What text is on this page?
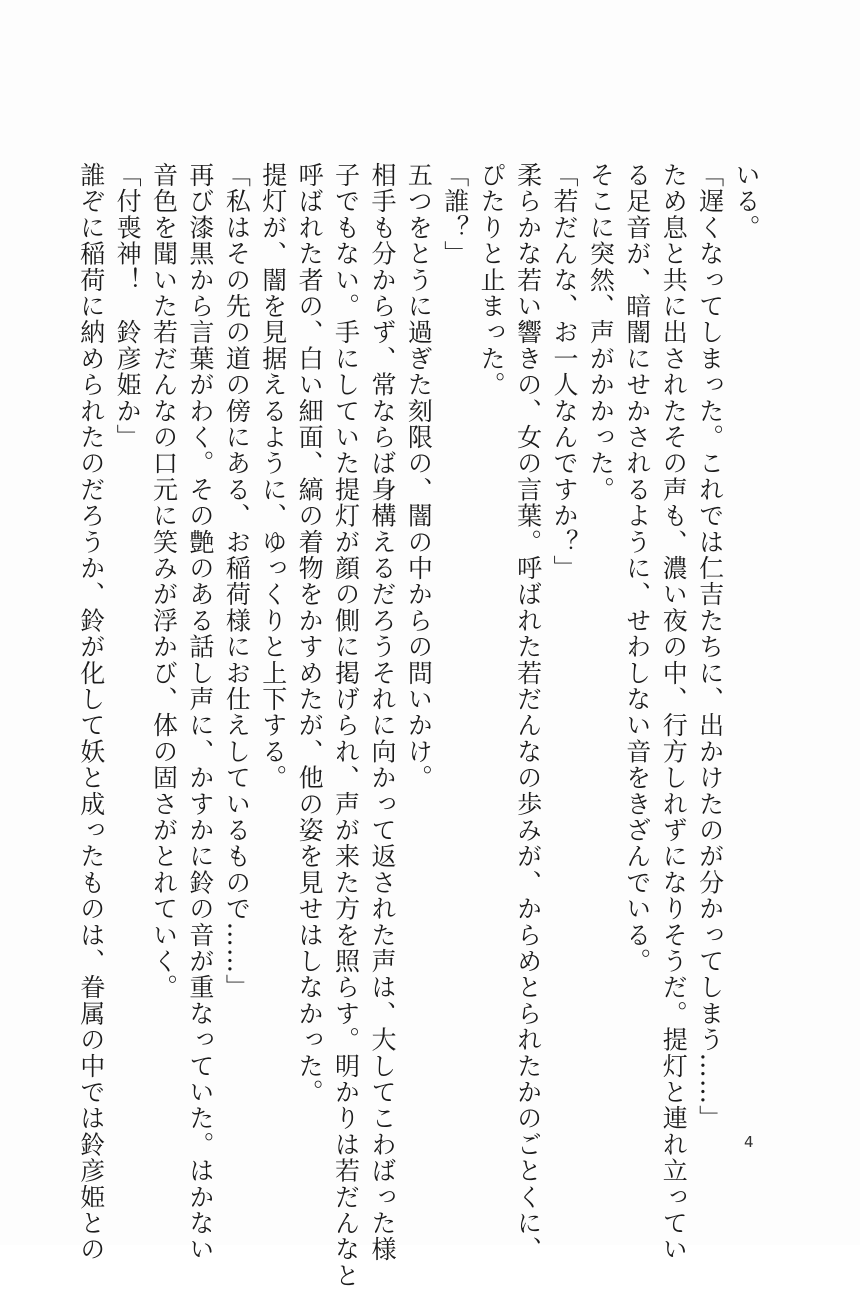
いる。
「遅くなってしまった。これでは仁吉たちに、出かけたのが分かってしまう……」
ため息と共に出されたその声も、濃い夜の中、行方しれずになりそうだ。提灯と連れ立ってい
る足音が、暗闇にせかされるように、せわしない音をきざんでいる。
そこに突然、声がかかった。
「若だんな、お一人なんですか？」
柔らかな若い響きの、女の言葉。呼ばれた若だんなの歩みが、からめとられたかのごとくに、
ぴたりと止まった。
「誰？」
五つをとうに過ぎた刻限の、闇の中からの問いかけ。
相手も分からず、常ならば身構えるだろうそれに向かって返された声は、大してこわばった様
子でもない。手にしていた提灯が顔の側に掲げられ、声が来た方を照らす。明かりは若だんなと
呼ばれた者の、白い細面、縞の着物をかすめたが、他の姿を見せはしなかった。
提灯が、闇を見据えるように、ゆっくりと上下する。
「私はその先の道の傍にある、お稲荷様にお仕えしているもので……」
再び漆黒から言葉がわく。その艶のある話し声に、かすかに鈴の音が重なっていた。はかない
音色を聞いた若だんなの口元に笑みが浮かび、体の固さがとれていく。
「付喪神！　鈴彦姫か」
誰ぞに稲荷に納められたのだろうか、鈴が化して妖と成ったものは、眷属の中では鈴彦姫との	4
